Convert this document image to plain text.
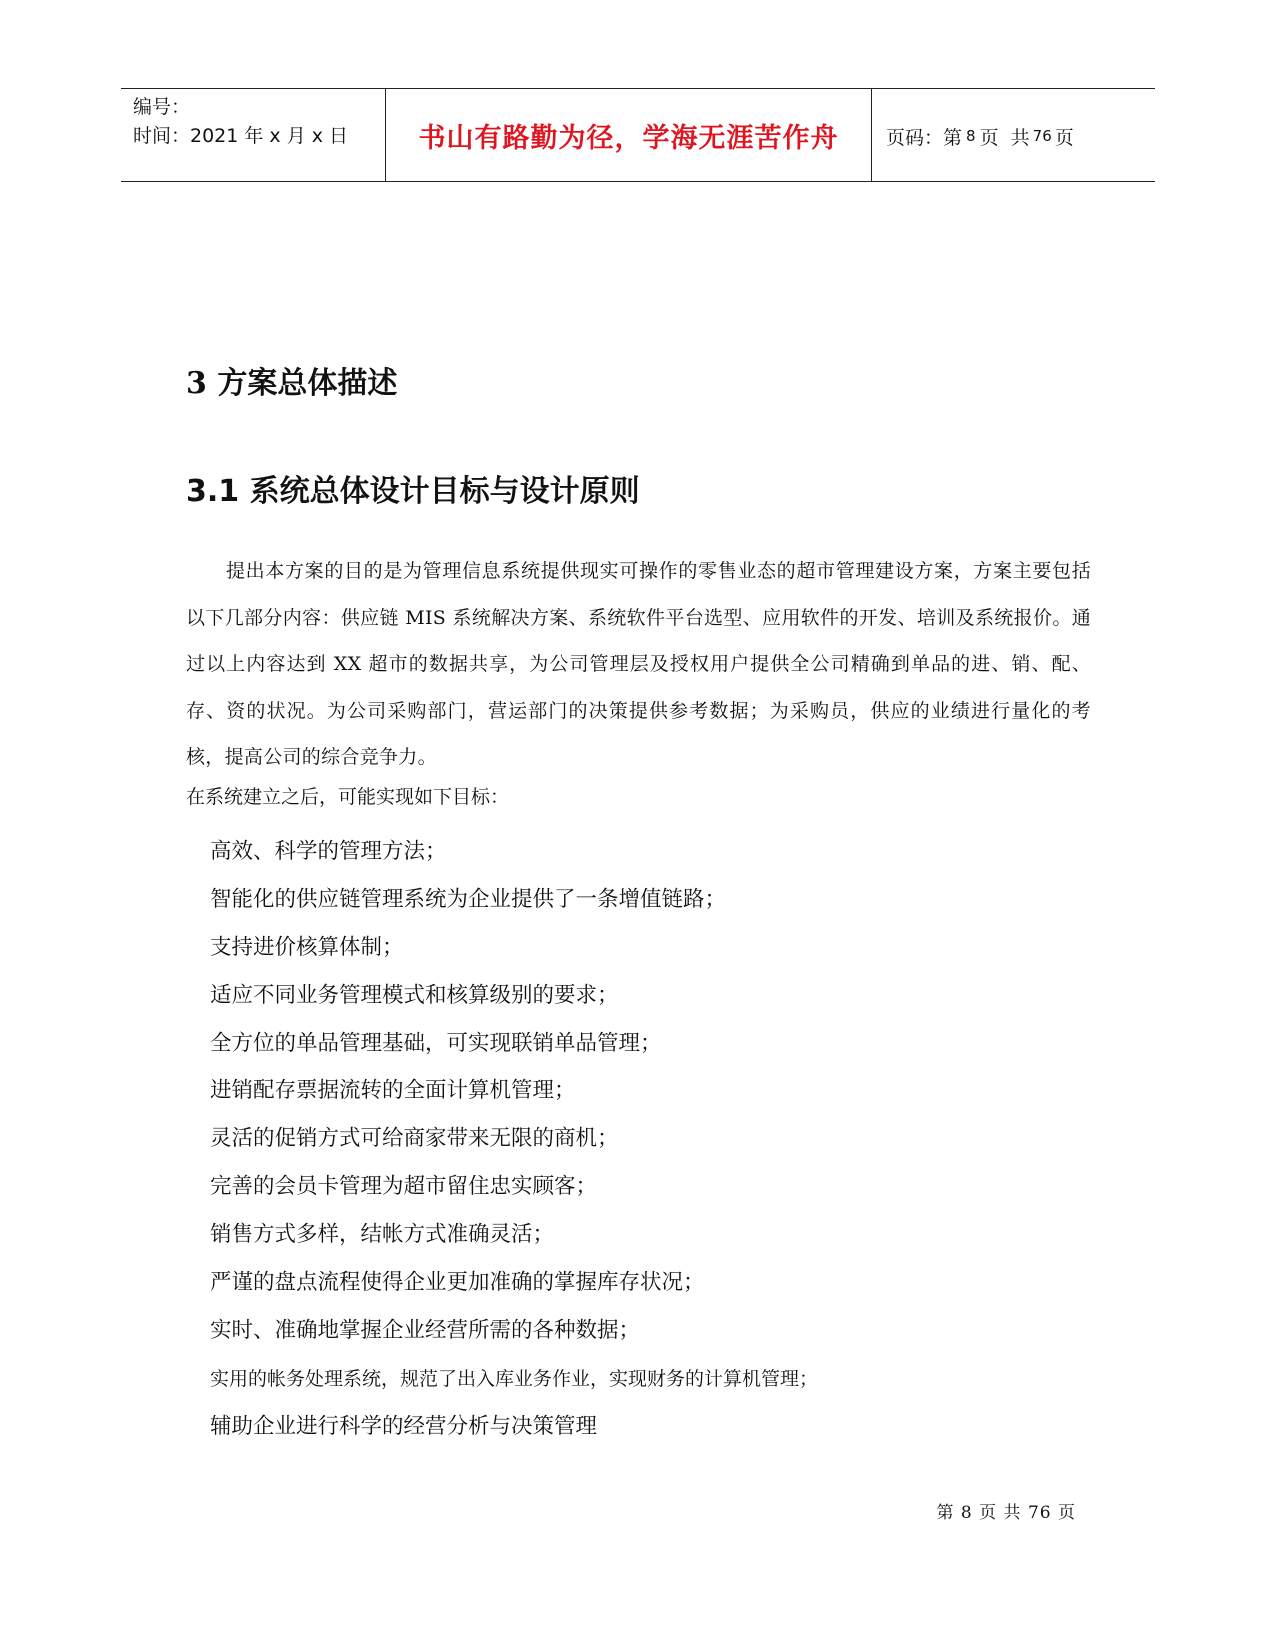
编号：
时间：2021 年 x 月 x 日	书山有路勤为径，学海无涯苦作舟	页码：第 8 页  共 76 页
3 方案总体描述
3.1 系统总体设计目标与设计原则

提出本方案的目的是为管理信息系统提供现实可操作的零售业态的超市管理建设方案，方案主要包括以下几部分内容：供应链 MIS 系统解决方案、系统软件平台选型、应用软件的开发、培训及系统报价。通过以上内容达到 XX 超市的数据共享，为公司管理层及授权用户提供全公司精确到单品的进、销、配、存、资的状况。为公司采购部门，营运部门的决策提供参考数据；为采购员，供应的业绩进行量化的考核，提高公司的综合竞争力。

在系统建立之后，可能实现如下目标：

高效、科学的管理方法；
智能化的供应链管理系统为企业提供了一条增值链路；
支持进价核算体制；
适应不同业务管理模式和核算级别的要求；
全方位的单品管理基础，可实现联销单品管理；
进销配存票据流转的全面计算机管理；
灵活的促销方式可给商家带来无限的商机；
完善的会员卡管理为超市留住忠实顾客；
销售方式多样，结帐方式准确灵活；
严谨的盘点流程使得企业更加准确的掌握库存状况；
实时、准确地掌握企业经营所需的各种数据；
实用的帐务处理系统，规范了出入库业务作业，实现财务的计算机管理；
辅助企业进行科学的经营分析与决策管理
第 8 页 共 76 页
